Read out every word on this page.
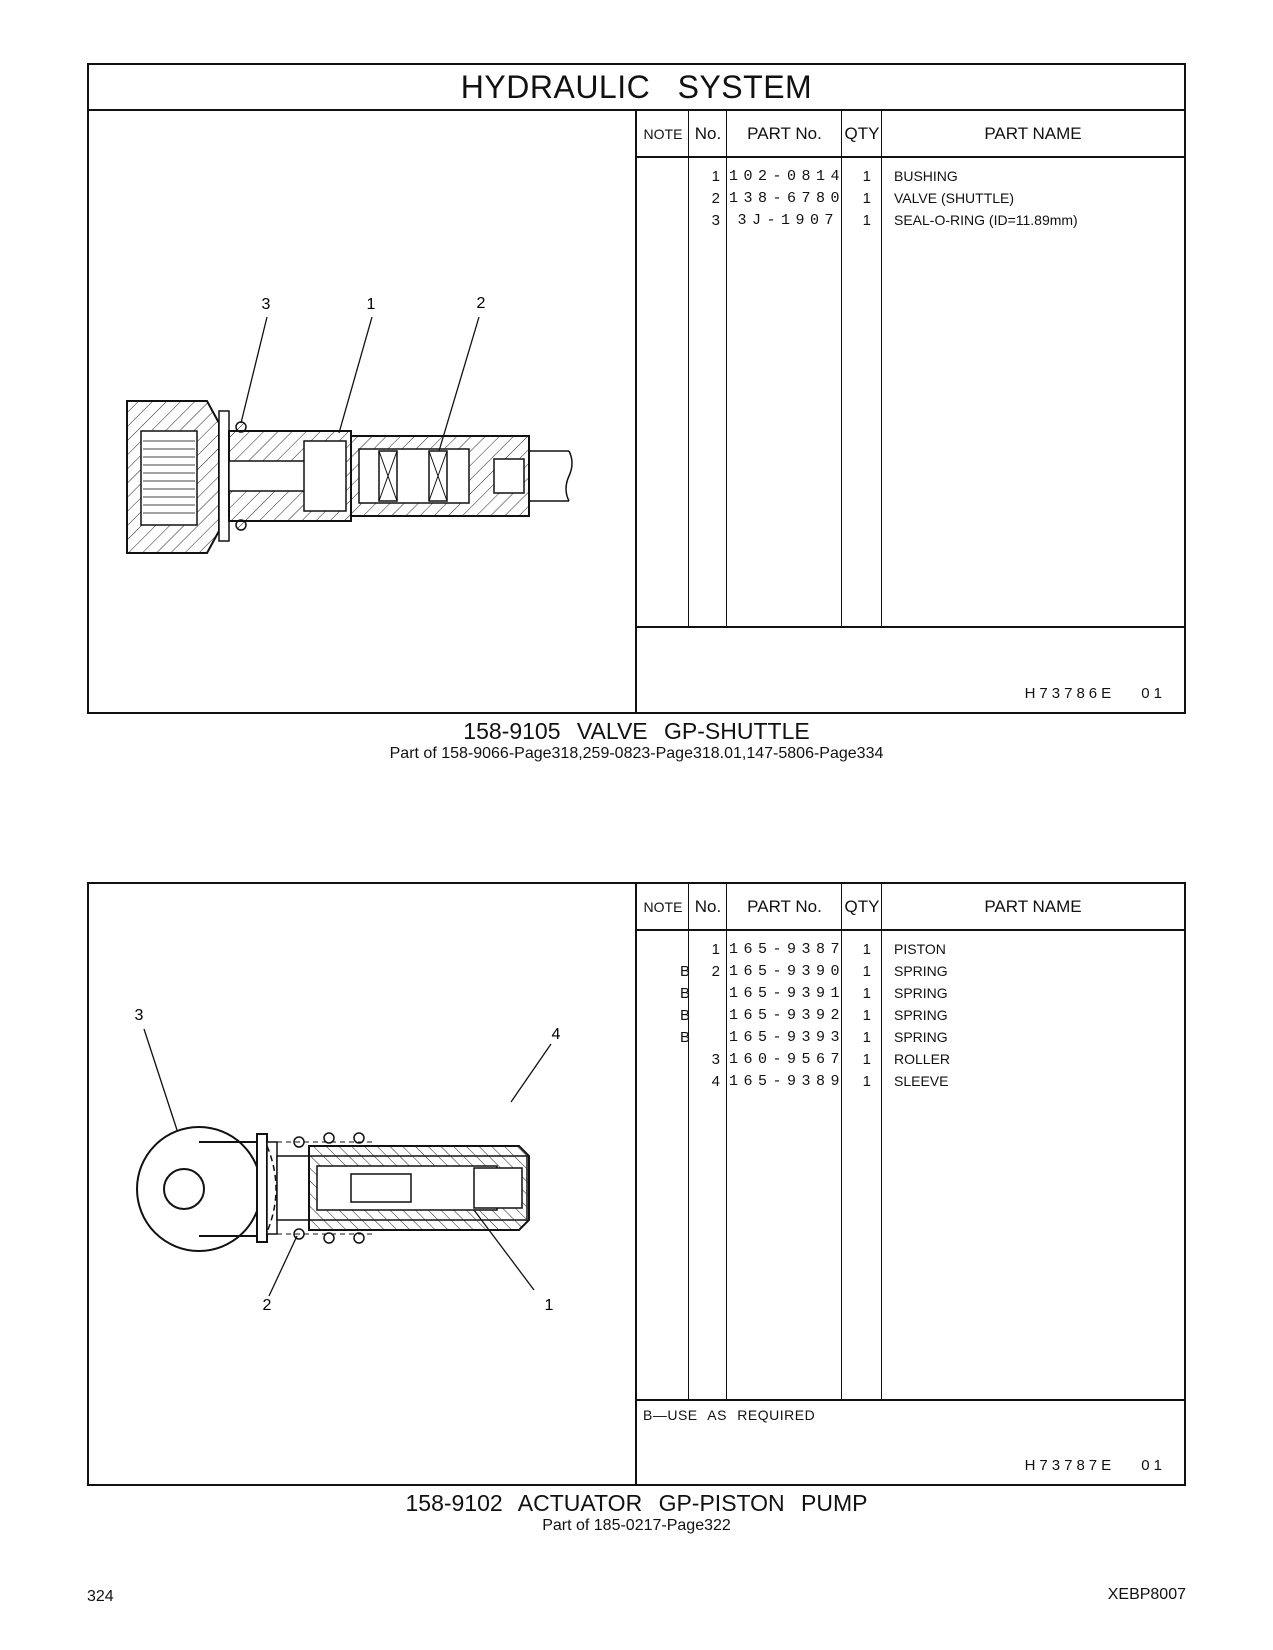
HYDRAULIC SYSTEM
3	1	2
NOTE No.	PART No.	QTY	PART NAME
1 102-0814	1 BUSHING
2 138-6780	1 VALVE (SHUTTLE)
3	3J-1907	1 SEAL-O-RING (ID=11.89mm)
H73786E 01
158-9105 VALVE GP-SHUTTLE
Part of 158-9066-Page318,259-0823-Page318.01,147-5806-Page334
3
4
2	1
NOTE No.	PART No.	QTY	PART NAME
1 165-9387	1 PISTON
B	2 165-9390	1 SPRING
B	165-9391	1 SPRING
B	165-9392	1 SPRING
B	165-9393	1 SPRING
3 160-9567	1 ROLLER
4 165-9389	1 SLEEVE
B—USE AS REQUIRED
H73787E 01
158-9102 ACTUATOR GP-PISTON PUMP
Part of 185-0217-Page322
324	XEBP8007
